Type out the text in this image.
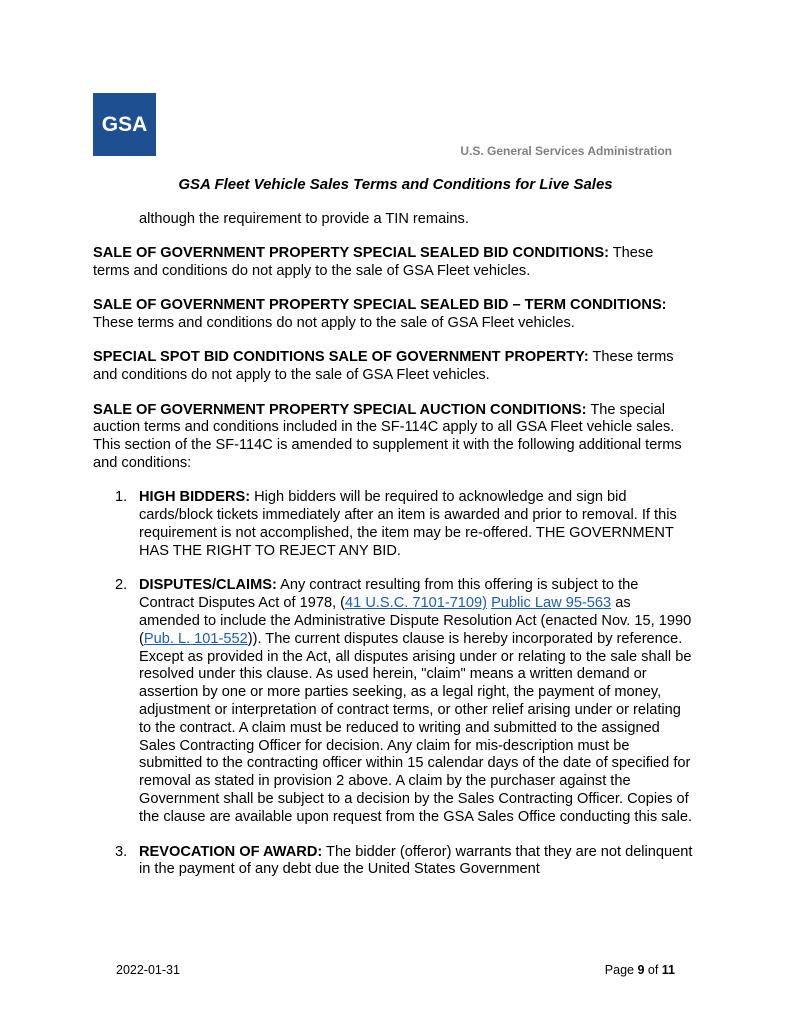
GSA
U.S. General Services Administration
GSA Fleet Vehicle Sales Terms and Conditions for Live Sales

although the requirement to provide a TIN remains.

SALE OF GOVERNMENT PROPERTY SPECIAL SEALED BID CONDITIONS: These terms and conditions do not apply to the sale of GSA Fleet vehicles.

SALE OF GOVERNMENT PROPERTY SPECIAL SEALED BID – TERM CONDITIONS: These terms and conditions do not apply to the sale of GSA Fleet vehicles.

SPECIAL SPOT BID CONDITIONS SALE OF GOVERNMENT PROPERTY: These terms and conditions do not apply to the sale of GSA Fleet vehicles.

SALE OF GOVERNMENT PROPERTY SPECIAL AUCTION CONDITIONS: The special auction terms and conditions included in the SF-114C apply to all GSA Fleet vehicle sales. This section of the SF-114C is amended to supplement it with the following additional terms and conditions:

1. HIGH BIDDERS: High bidders will be required to acknowledge and sign bid cards/block tickets immediately after an item is awarded and prior to removal. If this requirement is not accomplished, the item may be re-offered. THE GOVERNMENT HAS THE RIGHT TO REJECT ANY BID.
2. DISPUTES/CLAIMS: Any contract resulting from this offering is subject to the Contract Disputes Act of 1978, (41 U.S.C. 7101-7109) Public Law 95-563 as amended to include the Administrative Dispute Resolution Act (enacted Nov. 15, 1990 (Pub. L. 101-552)). The current disputes clause is hereby incorporated by reference. Except as provided in the Act, all disputes arising under or relating to the sale shall be resolved under this clause. As used herein, "claim" means a written demand or assertion by one or more parties seeking, as a legal right, the payment of money, adjustment or interpretation of contract terms, or other relief arising under or relating to the contract. A claim must be reduced to writing and submitted to the assigned Sales Contracting Officer for decision. Any claim for mis-description must be submitted to the contracting officer within 15 calendar days of the date of specified for removal as stated in provision 2 above. A claim by the purchaser against the Government shall be subject to a decision by the Sales Contracting Officer. Copies of the clause are available upon request from the GSA Sales Office conducting this sale.
3. REVOCATION OF AWARD: The bidder (offeror) warrants that they are not delinquent in the payment of any debt due the United States Government
2022-01-31	Page 9 of 11
